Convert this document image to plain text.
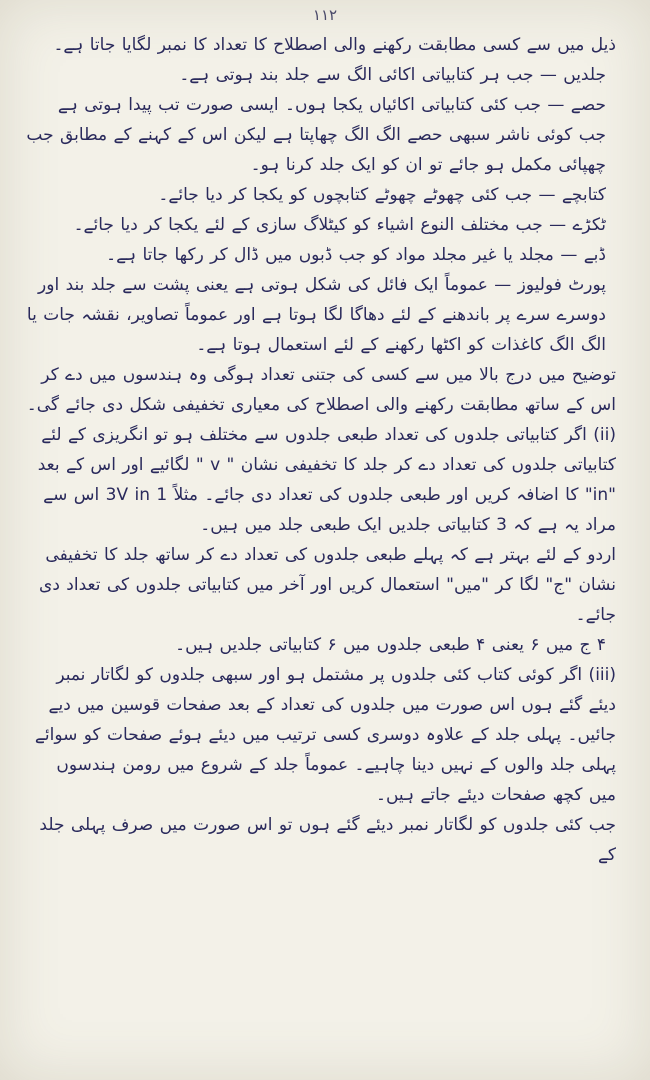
۱۱۲

ذیل میں سے کسی مطابقت رکھنے والی اصطلاح کا تعداد کا نمبر لگایا جاتا ہے۔

جلدیں — جب ہر کتابیاتی اکائی الگ سے جلد بند ہوتی ہے۔

حصے — جب کئی کتابیاتی اکائیاں یکجا ہوں۔ ایسی صورت تب پیدا ہوتی ہے جب کوئی ناشر سبھی حصے الگ الگ چھاپتا ہے لیکن اس کے کہنے کے مطابق جب چھپائی مکمل ہو جائے تو ان کو ایک جلد کرنا ہو۔

کتابچے — جب کئی چھوٹے چھوٹے کتابچوں کو یکجا کر دیا جائے۔

ٹکڑے — جب مختلف النوع اشیاء کو کیٹلاگ سازی کے لئے یکجا کر دیا جائے۔

ڈبے — مجلد یا غیر مجلد مواد کو جب ڈبوں میں ڈال کر رکھا جاتا ہے۔

پورٹ فولیوز — عموماً ایک فائل کی شکل ہوتی ہے یعنی پشت سے جلد بند اور دوسرے سرے پر باندھنے کے لئے دھاگا لگا ہوتا ہے اور عموماً تصاویر، نقشہ جات یا الگ الگ کاغذات کو اکٹھا رکھنے کے لئے استعمال ہوتا ہے۔

توضیح میں درج بالا میں سے کسی کی جتنی تعداد ہوگی وہ ہندسوں میں دے کر اس کے ساتھ مطابقت رکھنے والی اصطلاح کی معیاری تخفیفی شکل دی جائے گی۔

(ii) اگر کتابیاتی جلدوں کی تعداد طبعی جلدوں سے مختلف ہو تو انگریزی کے لئے کتابیاتی جلدوں کی تعداد دے کر جلد کا تخفیفی نشان " v " لگائیے اور اس کے بعد "in" کا اضافہ کریں اور طبعی جلدوں کی تعداد دی جائے۔ مثلاً 3V in 1 اس سے مراد یہ ہے کہ 3 کتابیاتی جلدیں ایک طبعی جلد میں ہیں۔

اردو کے لئے بہتر ہے کہ پہلے طبعی جلدوں کی تعداد دے کر ساتھ جلد کا تخفیفی نشان "ج" لگا کر "میں" استعمال کریں اور آخر میں کتابیاتی جلدوں کی تعداد دی جائے۔

۴ ج میں ۶ یعنی ۴ طبعی جلدوں میں ۶ کتابیاتی جلدیں ہیں۔

(iii) اگر کوئی کتاب کئی جلدوں پر مشتمل ہو اور سبھی جلدوں کو لگاتار نمبر دیئے گئے ہوں اس صورت میں جلدوں کی تعداد کے بعد صفحات قوسین میں دیے جائیں۔ پہلی جلد کے علاوہ دوسری کسی ترتیب میں دیئے ہوئے صفحات کو سوائے پہلی جلد والوں کے نہیں دینا چاہیے۔ عموماً جلد کے شروع میں رومن ہندسوں میں کچھ صفحات دیئے جاتے ہیں۔

جب کئی جلدوں کو لگاتار نمبر دیئے گئے ہوں تو اس صورت میں صرف پہلی جلد کے
